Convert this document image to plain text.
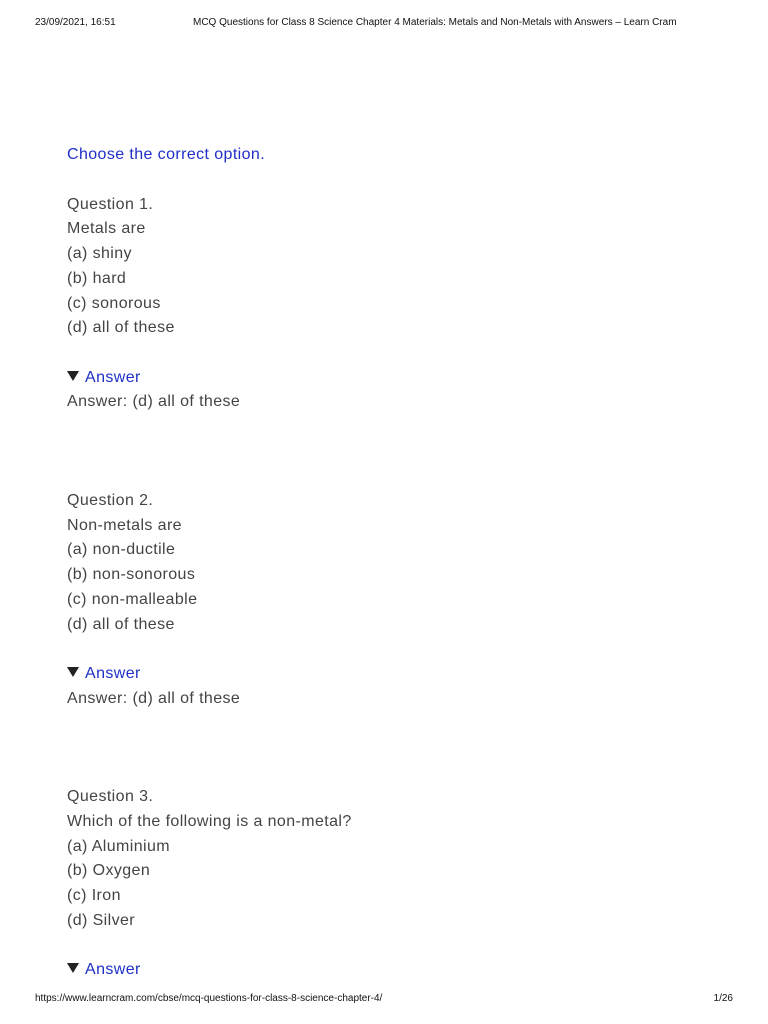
23/09/2021, 16:51	MCQ Questions for Class 8 Science Chapter 4 Materials: Metals and Non-Metals with Answers – Learn Cram
Choose the correct option.
Question 1.
Metals are
(a) shiny
(b) hard
(c) sonorous
(d) all of these
Answer
Answer: (d) all of these
Question 2.
Non-metals are
(a) non-ductile
(b) non-sonorous
(c) non-malleable
(d) all of these
Answer
Answer: (d) all of these
Question 3.
Which of the following is a non-metal?
(a) Aluminium
(b) Oxygen
(c) Iron
(d) Silver
Answer
https://www.learncram.com/cbse/mcq-questions-for-class-8-science-chapter-4/	1/26
